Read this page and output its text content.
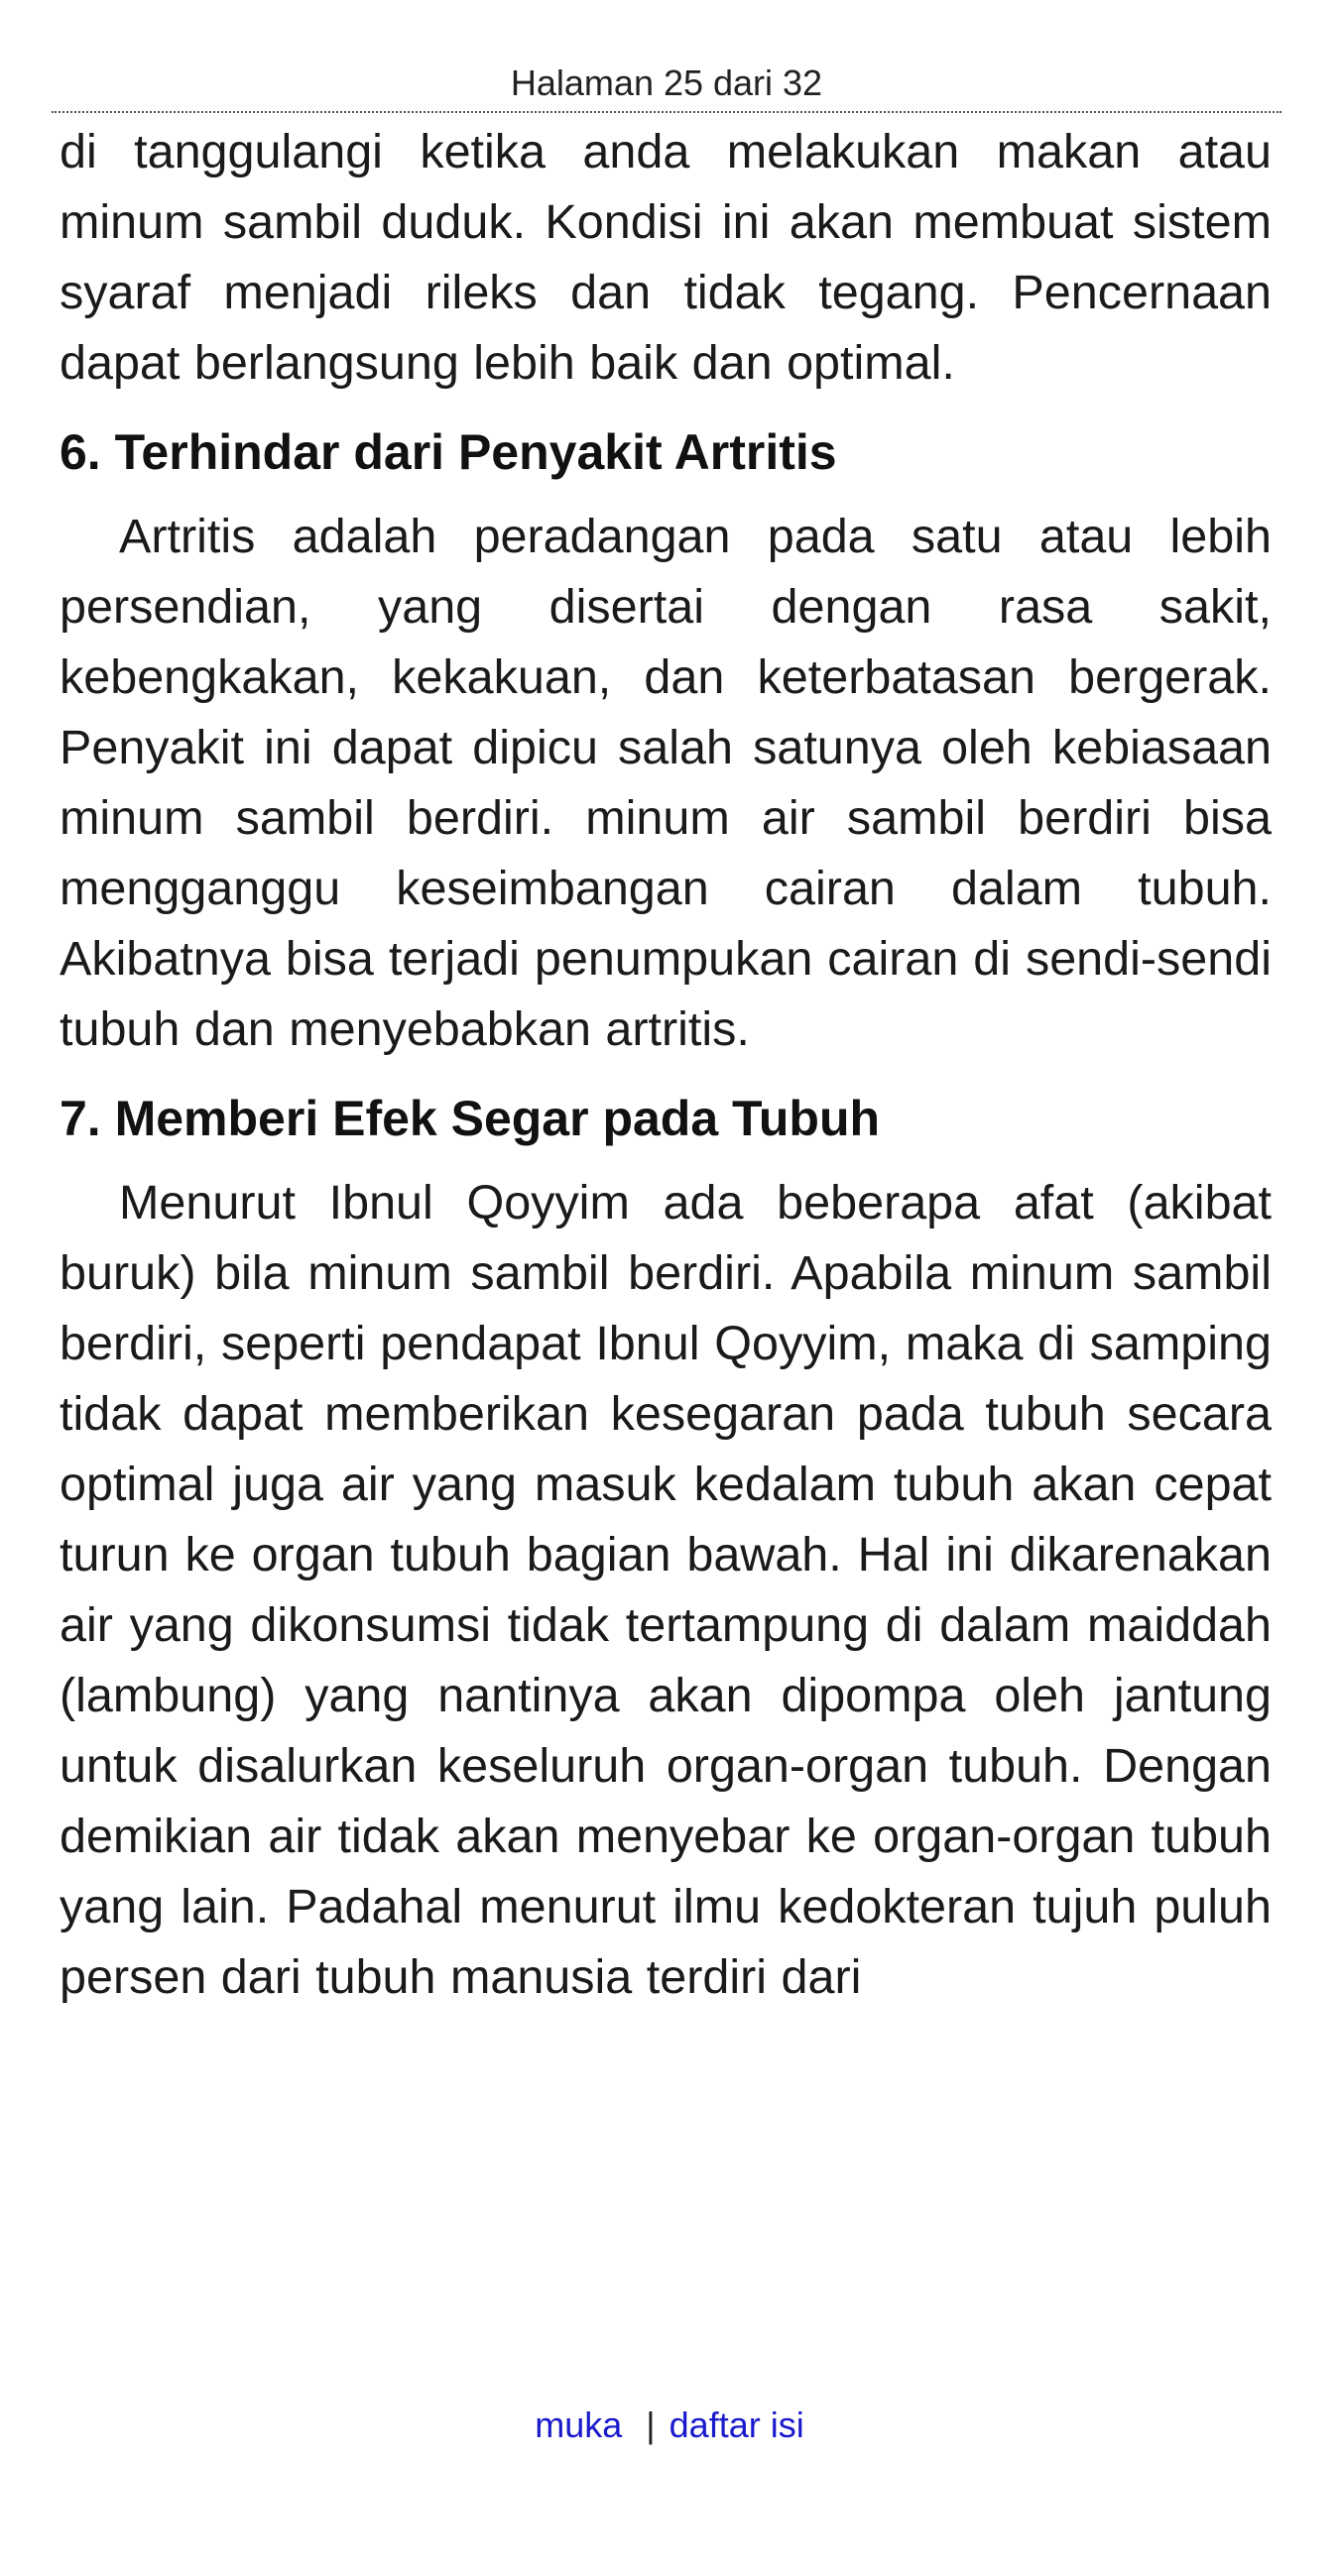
Halaman 25 dari 32

di tanggulangi ketika anda melakukan makan atau minum sambil duduk. Kondisi ini akan membuat sistem syaraf menjadi rileks dan tidak tegang. Pencernaan dapat berlangsung lebih baik dan optimal.

6. Terhindar dari Penyakit Artritis

Artritis adalah peradangan pada satu atau lebih persendian, yang disertai dengan rasa sakit, kebengkakan, kekakuan, dan keterbatasan bergerak. Penyakit ini dapat dipicu salah satunya oleh kebiasaan minum sambil berdiri. minum air sambil berdiri bisa mengganggu keseimbangan cairan dalam tubuh. Akibatnya bisa terjadi penumpukan cairan di sendi-sendi tubuh dan menyebabkan artritis.

7. Memberi Efek Segar pada Tubuh

Menurut Ibnul Qoyyim ada beberapa afat (akibat buruk) bila minum sambil berdiri. Apabila minum sambil berdiri, seperti pendapat Ibnul Qoyyim, maka di samping tidak dapat memberikan kesegaran pada tubuh secara optimal juga air yang masuk kedalam tubuh akan cepat turun ke organ tubuh bagian bawah. Hal ini dikarenakan air yang dikonsumsi tidak tertampung di dalam maiddah (lambung) yang nantinya akan dipompa oleh jantung untuk disalurkan keseluruh organ-organ tubuh. Dengan demikian air tidak akan menyebar ke organ-organ tubuh yang lain. Padahal menurut ilmu kedokteran tujuh puluh persen dari tubuh manusia terdiri dari

muka | daftar isi
